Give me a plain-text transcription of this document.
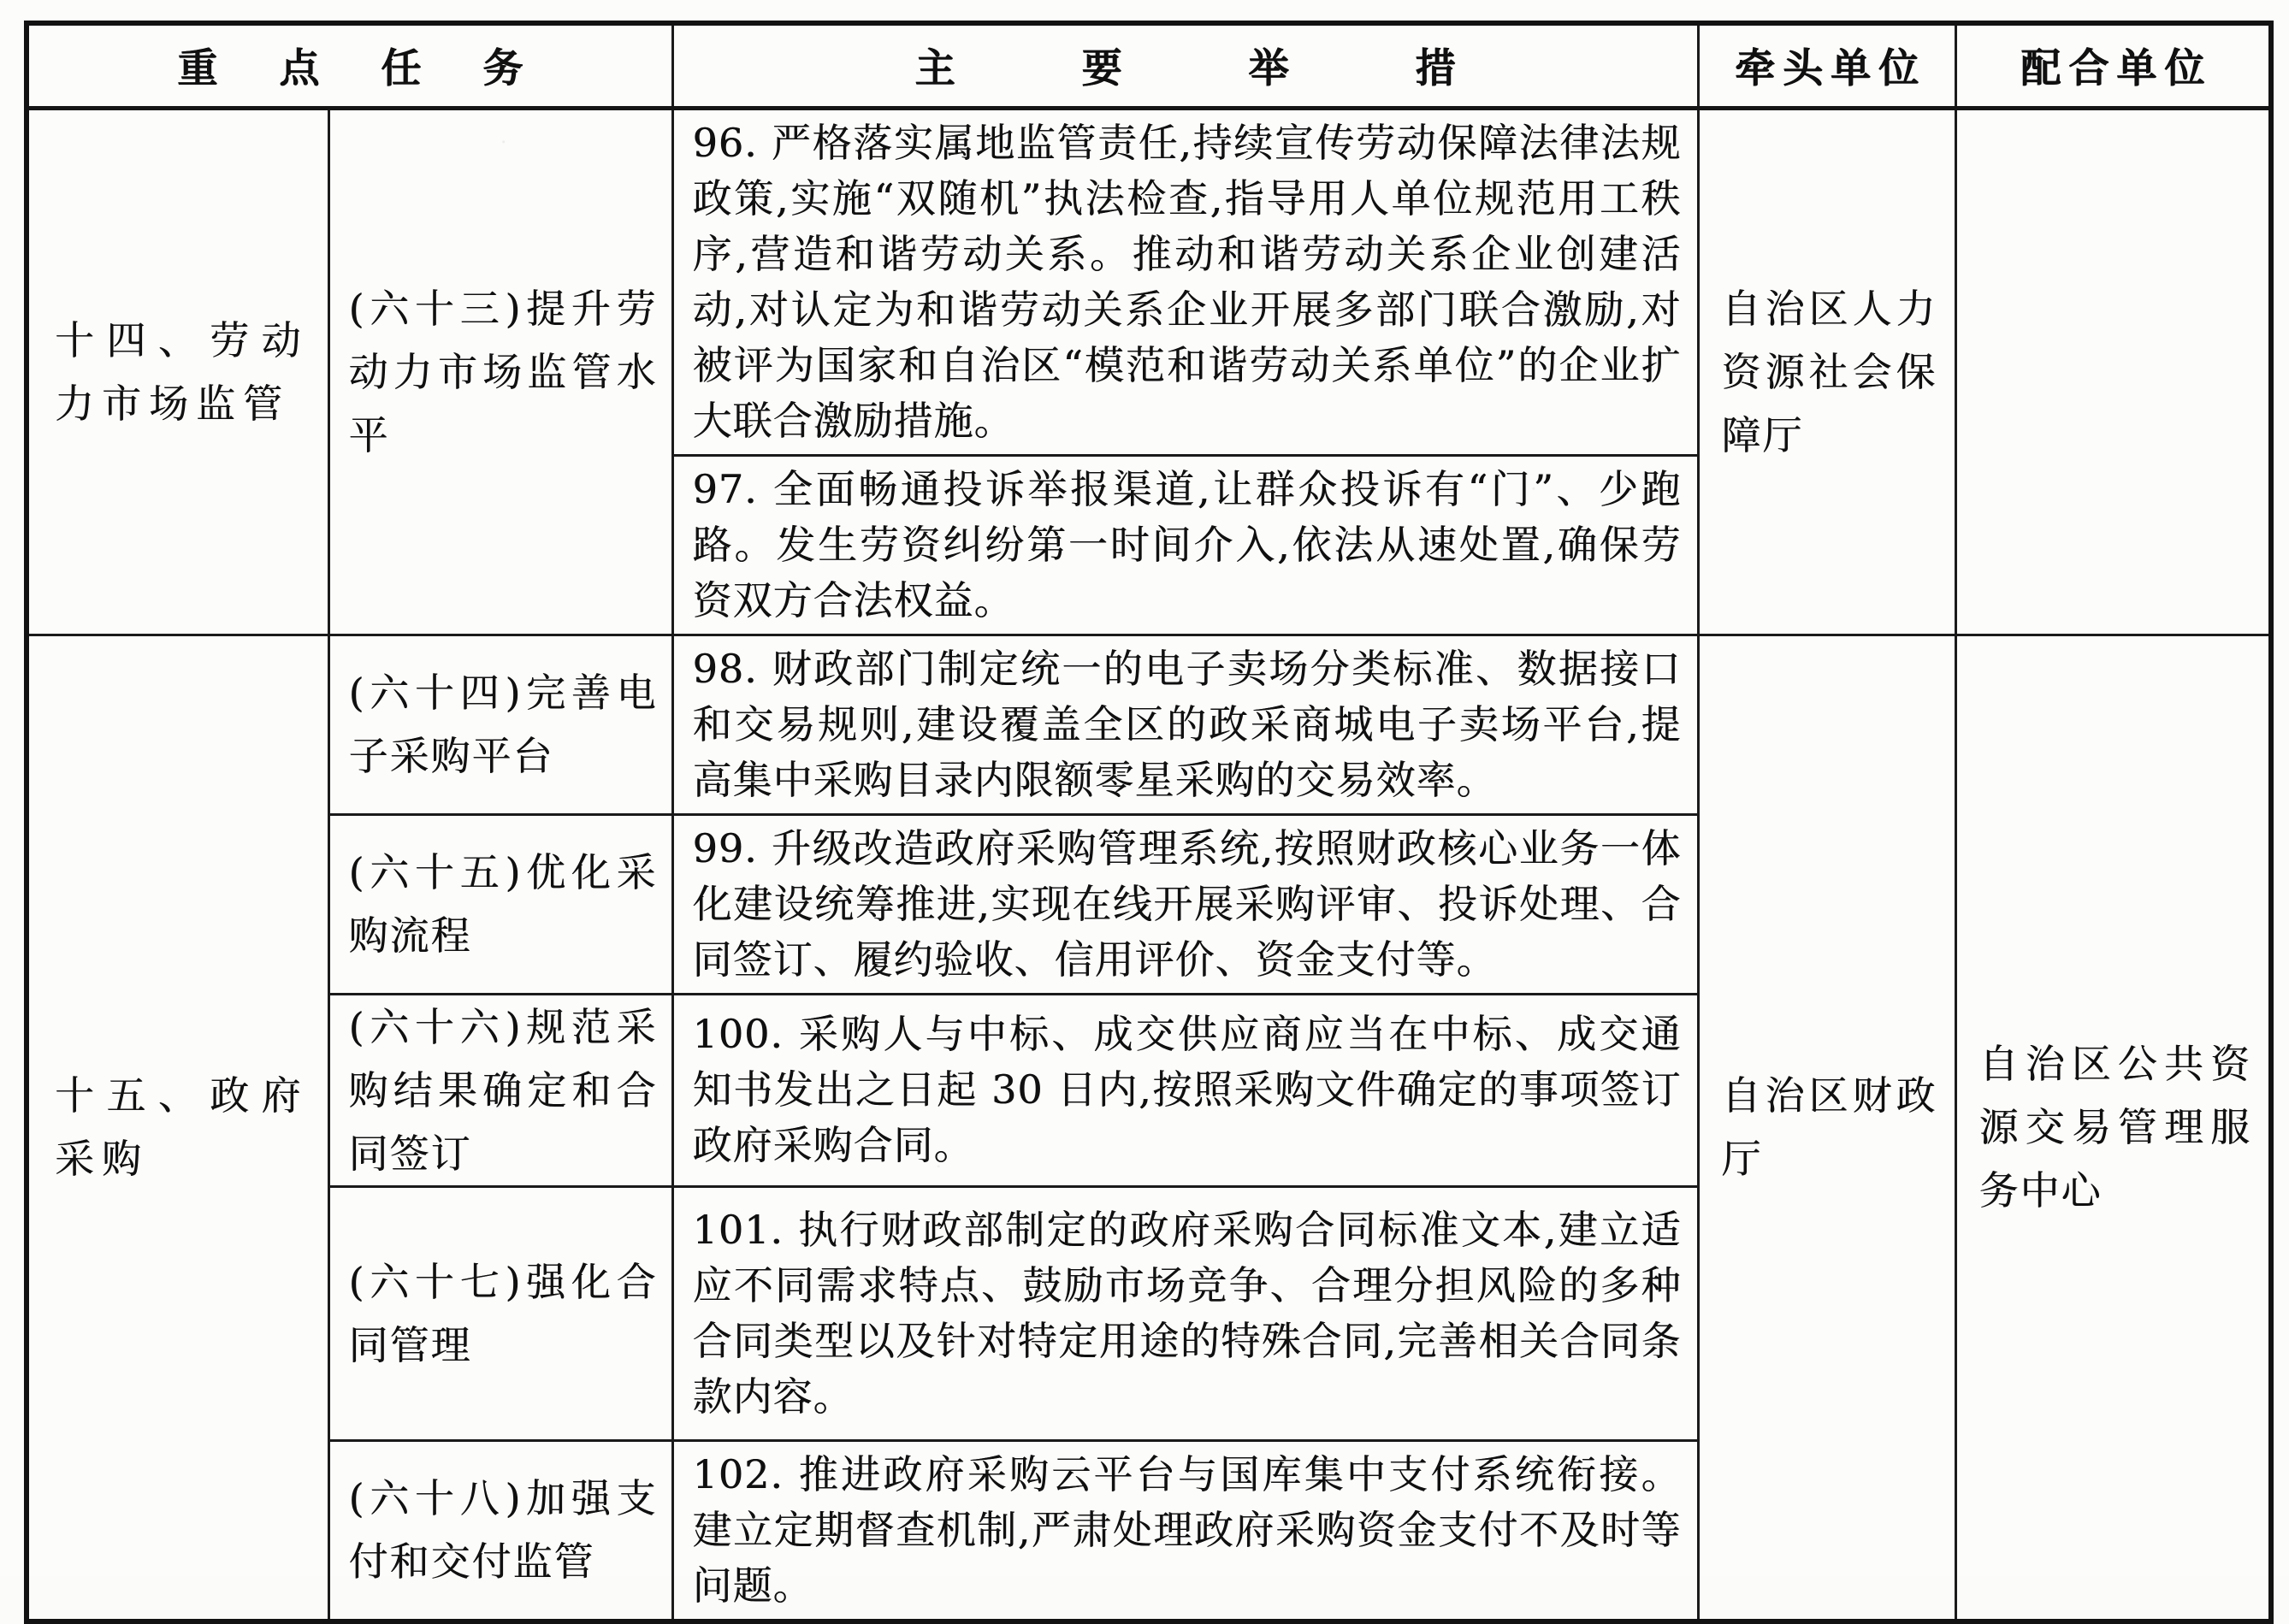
重点任务		主要举措	牵头单位	配合单位
十四、劳动力市场监管	(六十三)提升劳动力市场监管水平	96. 严格落实属地监管责任,持续宣传劳动保障法律法规政策,实施“双随机”执法检查,指导用人单位规范用工秩序,营造和谐劳动关系。推动和谐劳动关系企业创建活动,对认定为和谐劳动关系企业开展多部门联合激励,对被评为国家和自治区“模范和谐劳动关系单位”的企业扩大联合激励措施。	自治区人力资源社会保障厅	
		97. 全面畅通投诉举报渠道,让群众投诉有“门”、少跑路。发生劳资纠纷第一时间介入,依法从速处置,确保劳资双方合法权益。		
十五、政府采购	(六十四)完善电子采购平台	98. 财政部门制定统一的电子卖场分类标准、数据接口和交易规则,建设覆盖全区的政采商城电子卖场平台,提高集中采购目录内限额零星采购的交易效率。	自治区财政厅	自治区公共资源交易管理服务中心
	(六十五)优化采购流程	99. 升级改造政府采购管理系统,按照财政核心业务一体化建设统筹推进,实现在线开展采购评审、投诉处理、合同签订、履约验收、信用评价、资金支付等。		
	(六十六)规范采购结果确定和合同签订	100. 采购人与中标、成交供应商应当在中标、成交通知书发出之日起 30 日内,按照采购文件确定的事项签订政府采购合同。		
	(六十七)强化合同管理	101. 执行财政部制定的政府采购合同标准文本,建立适应不同需求特点、鼓励市场竞争、合理分担风险的多种合同类型以及针对特定用途的特殊合同,完善相关合同条款内容。		
	(六十八)加强支付和交付监管	102. 推进政府采购云平台与国库集中支付系统衔接。建立定期督查机制,严肃处理政府采购资金支付不及时等问题。		
